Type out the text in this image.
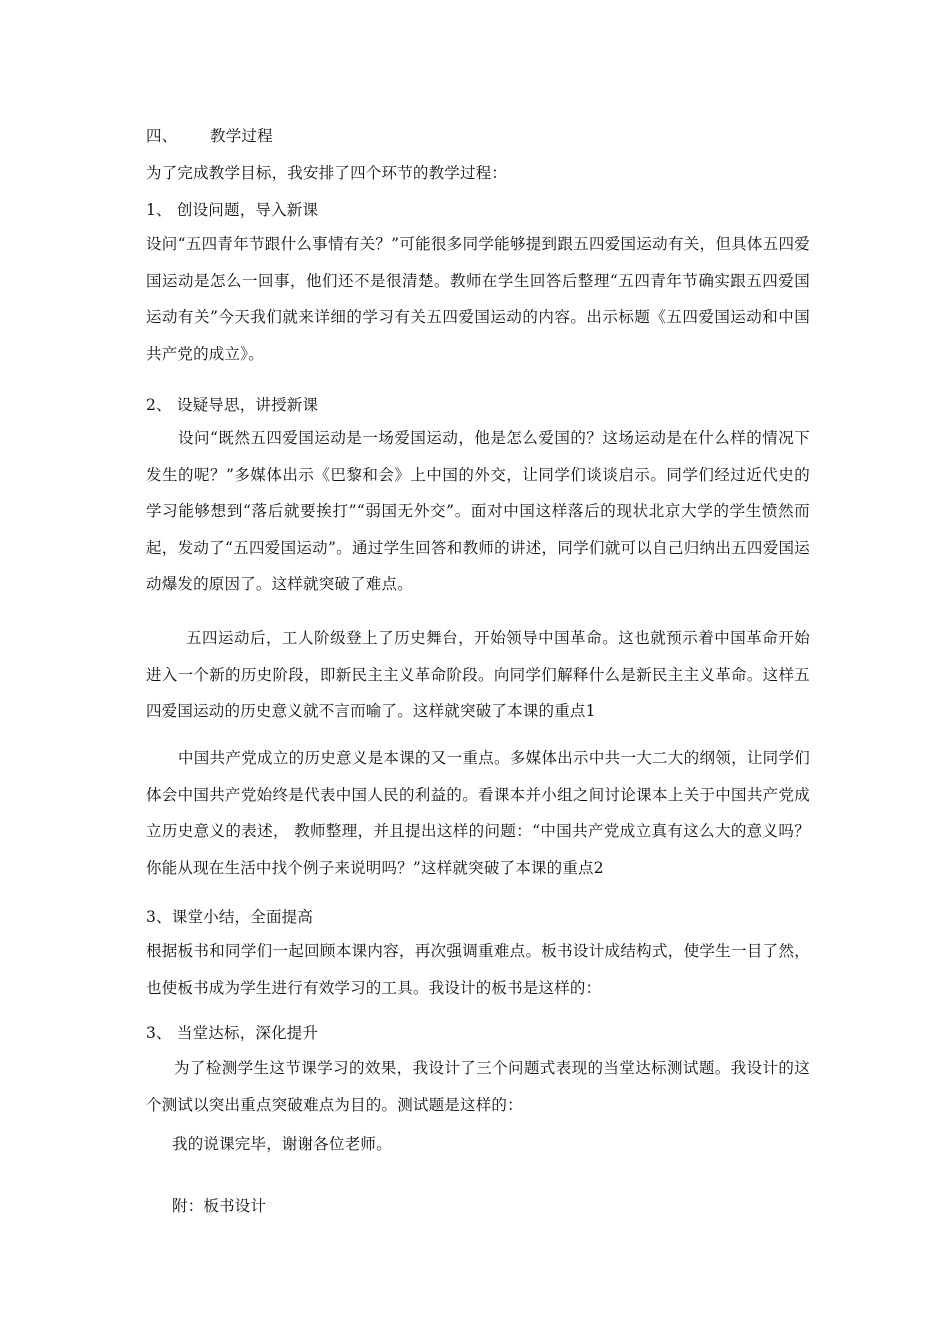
四、 教学过程
为了完成教学目标，我安排了四个环节的教学过程：
1、 创设问题，导入新课
设问“五四青年节跟什么事情有关？”可能很多同学能够提到跟五四爱国运动有关，但具体五四爱国运动是怎么一回事，他们还不是很清楚。教师在学生回答后整理“五四青年节确实跟五四爱国运动有关”今天我们就来详细的学习有关五四爱国运动的内容。出示标题《五四爱国运动和中国共产党的成立》。
2、 设疑导思，讲授新课
设问“既然五四爱国运动是一场爱国运动，他是怎么爱国的？这场运动是在什么样的情况下发生的呢？”多媒体出示《巴黎和会》上中国的外交，让同学们谈谈启示。同学们经过近代史的学习能够想到“落后就要挨打”“弱国无外交”。面对中国这样落后的现状北京大学的学生愤然而起，发动了“五四爱国运动”。通过学生回答和教师的讲述，同学们就可以自己归纳出五四爱国运动爆发的原因了。这样就突破了难点。
五四运动后，工人阶级登上了历史舞台，开始领导中国革命。这也就预示着中国革命开始进入一个新的历史阶段，即新民主主义革命阶段。向同学们解释什么是新民主主义革命。这样五四爱国运动的历史意义就不言而喻了。这样就突破了本课的重点1
中国共产党成立的历史意义是本课的又一重点。多媒体出示中共一大二大的纲领，让同学们体会中国共产党始终是代表中国人民的利益的。看课本并小组之间讨论课本上关于中国共产党成立历史意义的表述， 教师整理，并且提出这样的问题：“中国共产党成立真有这么大的意义吗？你能从现在生活中找个例子来说明吗？”这样就突破了本课的重点2
3、课堂小结，全面提高
根据板书和同学们一起回顾本课内容，再次强调重难点。板书设计成结构式，使学生一目了然，也使板书成为学生进行有效学习的工具。我设计的板书是这样的：
3、 当堂达标，深化提升
为了检测学生这节课学习的效果，我设计了三个问题式表现的当堂达标测试题。我设计的这个测试以突出重点突破难点为目的。测试题是这样的：
我的说课完毕，谢谢各位老师。
附：板书设计
